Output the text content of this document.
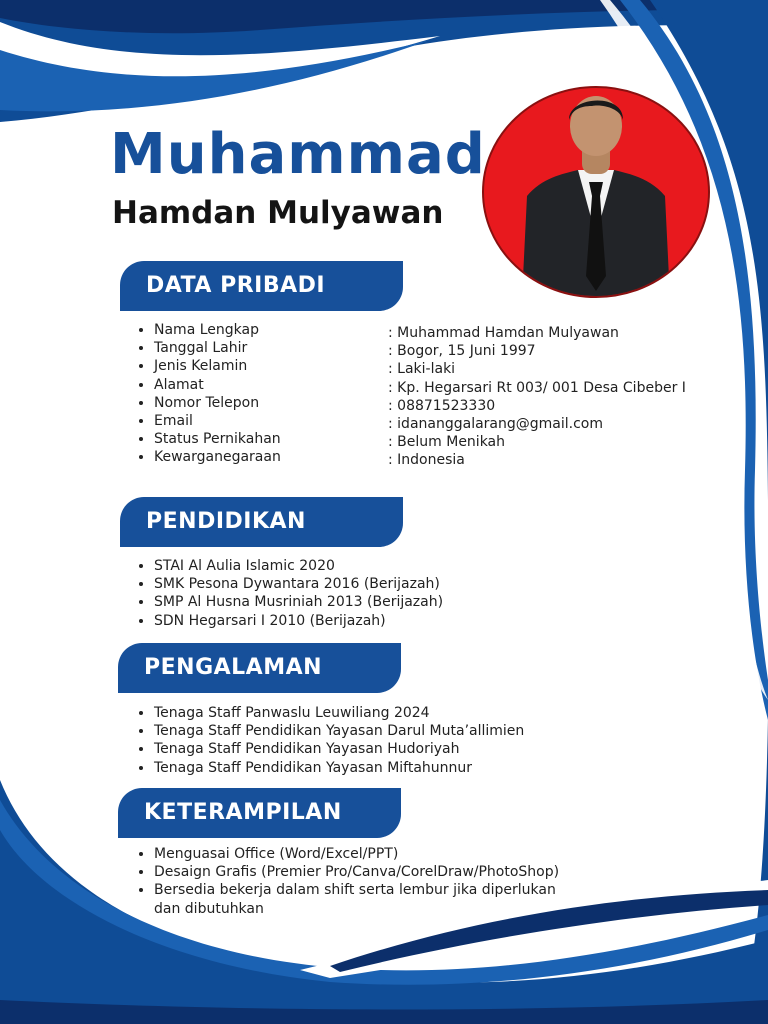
Muhammad
Hamdan Mulyawan
DATA PRIBADI
• Nama Lengkap
• Tanggal Lahir
• Jenis Kelamin
• Alamat
• Nomor Telepon
• Email
• Status Pernikahan
• Kewarganegaraan
: Muhammad Hamdan Mulyawan
: Bogor, 15 Juni 1997
: Laki-laki
: Kp. Hegarsari Rt 003/ 001 Desa Cibeber I
: 08871523330
: idananggalarang@gmail.com
: Belum Menikah
: Indonesia
PENDIDIKAN
• STAI Al Aulia Islamic 2020
• SMK Pesona Dywantara 2016 (Berijazah)
• SMP Al Husna Musriniah 2013 (Berijazah)
• SDN Hegarsari I 2010 (Berijazah)
PENGALAMAN
• Tenaga Staff Panwaslu Leuwiliang 2024
• Tenaga Staff Pendidikan Yayasan Darul Muta’allimien
• Tenaga Staff Pendidikan Yayasan Hudoriyah
• Tenaga Staff Pendidikan Yayasan Miftahunnur
KETERAMPILAN
• Menguasai Office (Word/Excel/PPT)
• Desaign Grafis (Premier Pro/Canva/CorelDraw/PhotoShop)
• Bersedia bekerja dalam shift serta lembur jika diperlukan dan dibutuhkan
